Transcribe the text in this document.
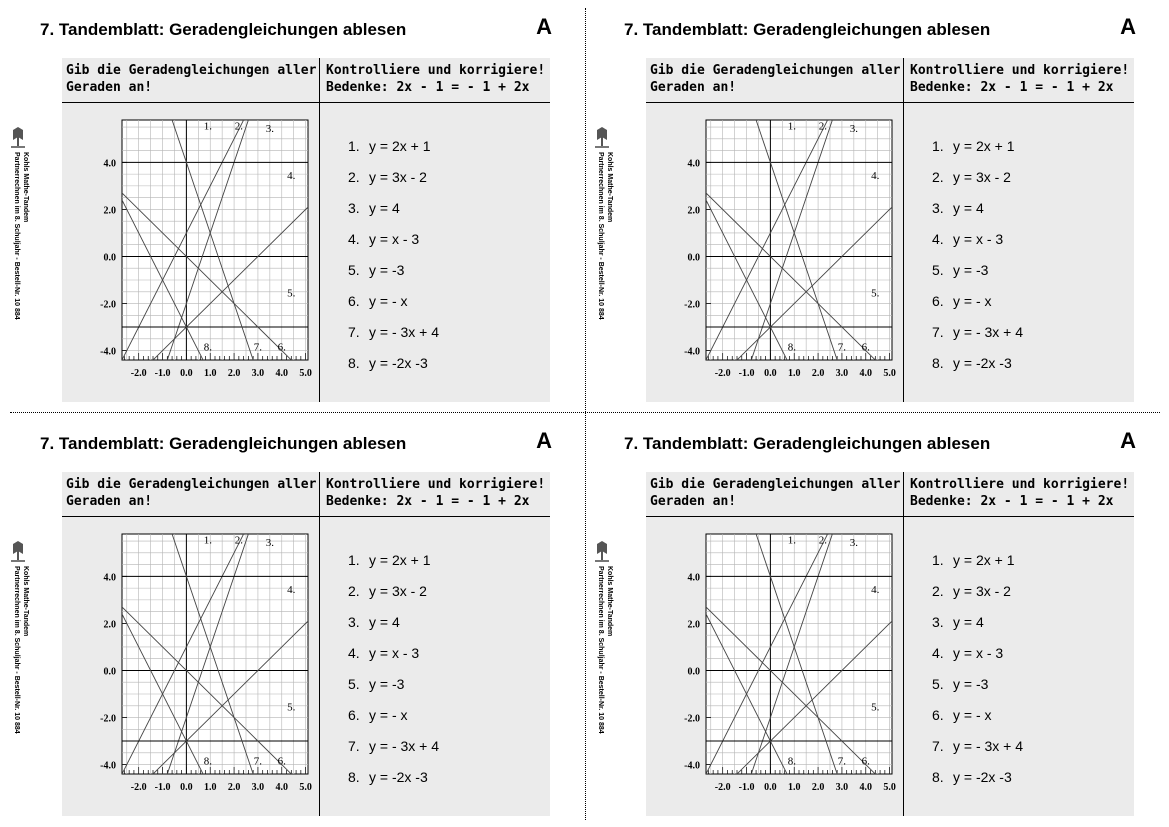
7. Tandemblatt: Geradengleichungen ablesen	A
Kohls Mathe-Tandem
Partnerrechnen im 8. Schuljahr - Bestell-Nr. 10 884
Gib die Geradengleichungen aller
Geraden an!
Kontrolliere und korrigiere!
Bedenke: 2x - 1 = - 1 + 2x
1. 2. 3.
4.
5.
6.
7.
8.
-4.0
-2.0
0.0
2.0
4.0
-2.0 -1.0 0.0 1.0 2.0 3.0 4.0 5.0
1. y = 2x + 1
2. y = 3x - 2
3. y = 4
4. y = x - 3
5. y = -3
6. y = - x
7. y = - 3x + 4
8. y = -2x -3
7. Tandemblatt: Geradengleichungen ablesen	A
Kohls Mathe-Tandem
Partnerrechnen im 8. Schuljahr - Bestell-Nr. 10 884
Gib die Geradengleichungen aller
Geraden an!
Kontrolliere und korrigiere!
Bedenke: 2x - 1 = - 1 + 2x
1. 2. 3.
4.
5.
6.
7.
8.
-4.0
-2.0
0.0
2.0
4.0
-2.0 -1.0 0.0 1.0 2.0 3.0 4.0 5.0
1. y = 2x + 1
2. y = 3x - 2
3. y = 4
4. y = x - 3
5. y = -3
6. y = - x
7. y = - 3x + 4
8. y = -2x -3
7. Tandemblatt: Geradengleichungen ablesen	A
Kohls Mathe-Tandem
Partnerrechnen im 8. Schuljahr - Bestell-Nr. 10 884
Gib die Geradengleichungen aller
Geraden an!
Kontrolliere und korrigiere!
Bedenke: 2x - 1 = - 1 + 2x
1. 2. 3.
4.
5.
6.
7.
8.
-4.0
-2.0
0.0
2.0
4.0
-2.0 -1.0 0.0 1.0 2.0 3.0 4.0 5.0
1. y = 2x + 1
2. y = 3x - 2
3. y = 4
4. y = x - 3
5. y = -3
6. y = - x
7. y = - 3x + 4
8. y = -2x -3
7. Tandemblatt: Geradengleichungen ablesen	A
Kohls Mathe-Tandem
Partnerrechnen im 8. Schuljahr - Bestell-Nr. 10 884
Gib die Geradengleichungen aller
Geraden an!
Kontrolliere und korrigiere!
Bedenke: 2x - 1 = - 1 + 2x
1. 2. 3.
4.
5.
6.
7.
8.
-4.0
-2.0
0.0
2.0
4.0
-2.0 -1.0 0.0 1.0 2.0 3.0 4.0 5.0
1. y = 2x + 1
2. y = 3x - 2
3. y = 4
4. y = x - 3
5. y = -3
6. y = - x
7. y = - 3x + 4
8. y = -2x -3
